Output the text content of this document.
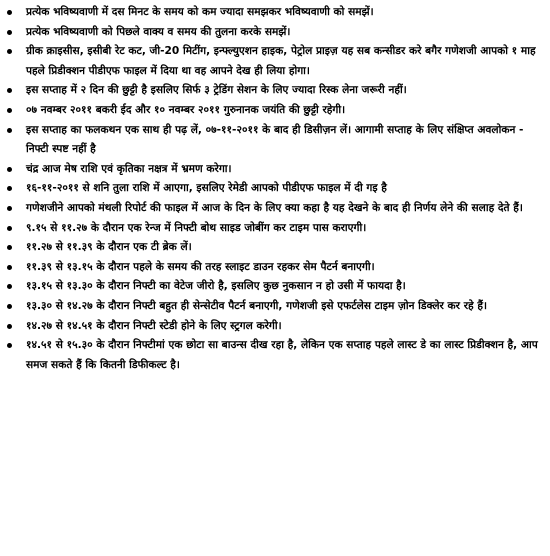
प्रत्येक भविष्यवाणी में दस मिनट के समय को कम ज्यादा समझकर भविष्यवाणी को समझें।
प्रत्येक भविष्यवाणी को पिछले वाक्य व समय की तुलना करके समझें।
ग्रीक क्राइसीस, इसीबी रेट कट, जी-20 मिटींग, इन्फ्ल्युएशन हाइक, पेट्रोल प्राइज़ यह सब कन्सीडर करे बगैर गणेशजी आपको १ माह पहले प्रिडीक्शन पीडीएफ फाइल में दिया था वह आपने देख ही लिया होगा।
इस सप्ताह में २ दिन की छुट्टी है इसलिए सिर्फ ३ ट्रेडिंग सेशन के लिए ज्यादा रिस्क लेना जरूरी नहीं।
०७ नवम्बर २०११ बकरी ईद और १० नवम्बर २०११ गुरुनानक जयंति की छुट्टी रहेगी।
इस सप्ताह का फलकथन एक साथ ही पढ़ लें, ०७-११-२०११ के बाद ही डिसीज़न लें। आगामी सप्ताह के लिए संक्षिप्त अवलोकन - निफ्टी स्पष्ट नहीं है
चंद्र आज मेष राशि एवं कृतिका नक्षत्र में भ्रमण करेगा।
१६-११-२०११ से शनि तुला राशि में आएगा, इसलिए रेमेडी आपको पीडीएफ फाइल में दी गइ है
गणेशजीने आपको मंथली रिपोर्ट की फाइल में आज के दिन के लिए क्या कहा है यह देखने के बाद ही निर्णय लेने की सलाह देते हैं।
९.१५ से ११.२७ के दौरान एक रेन्ज में निफ्टी बोथ साइड जोबींग कर टाइम पास कराएगी।
११.२७ से ११.३९ के दौरान एक टी ब्रेक लें।
११.३९ से १३.१५ के दौरान पहले के समय की तरह स्लाइट डाउन रहकर सेम पैटर्न बनाएगी।
१३.१५ से १३.३० के दौरान निफ्टी का वेटेज जीरो है, इसलिए कुछ नुकसान न हो उसी में फायदा है।
१३.३० से १४.२७ के दौरान निफ्टी बहुत ही सेन्सेटीव पैटर्न बनाएगी, गणेशजी इसे एफर्टलेस टाइम ज़ोन डिक्लेर कर रहे हैं।
१४.२७ से १४.५१ के दौरान निफ्टी स्टेडी होने के लिए स्ट्रगल करेगी।
१४.५१ से १५.३० के दौरान निफ्टीमां एक छोटा सा बाउन्स दीख रहा है, लेकिन एक सप्ताह पहले लास्ट डे का लास्ट प्रिडीक्शन है, आप समज सकते हैं कि कितनी डिफीकल्ट है।
